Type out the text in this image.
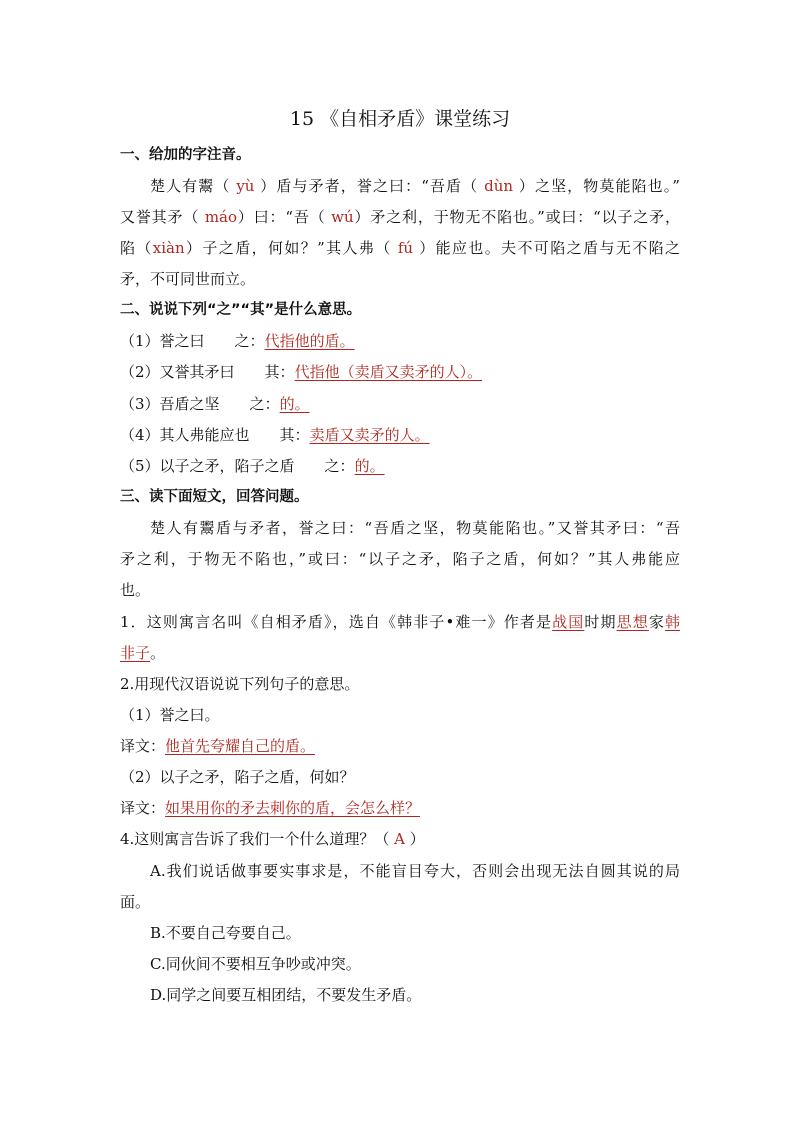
15 《自相矛盾》课堂练习
一、给加的字注音。
楚人有鬻（ yù ）盾与矛者，誉之曰：“吾盾（ dùn ）之坚，物莫能陷也。”
又誉其矛（ máo）曰：“吾（ wú）矛之利，于物无不陷也。”或曰：“以子之矛，
陷（xiàn）子之盾，何如？”其人弗（ fú ）能应也。夫不可陷之盾与无不陷之
矛，不可同世而立。
二、说说下列“之”“其”是什么意思。
（1）誉之曰 之：代指他的盾。
（2）又誉其矛曰 其：代指他（卖盾又卖矛的人）。
（3）吾盾之坚 之：的。
（4）其人弗能应也 其：卖盾又卖矛的人。
（5）以子之矛，陷子之盾 之：的。
三、读下面短文，回答问题。
楚人有鬻盾与矛者，誉之曰：“吾盾之坚，物莫能陷也。”又誉其矛曰：“吾
矛之利，于物无不陷也，”或曰：“以子之矛，陷子之盾，何如？”其人弗能应
也。
1．这则寓言名叫《自相矛盾》，选自《韩非子•难一》作者是战国时期思想家韩
非子。
2.用现代汉语说说下列句子的意思。
（1）誉之曰。
译文：他首先夸耀自己的盾。
（2）以子之矛，陷子之盾，何如？
译文：如果用你的矛去刺你的盾，会怎么样？
4.这则寓言告诉了我们一个什么道理？（ A ）
A.我们说话做事要实事求是，不能盲目夸大，否则会出现无法自圆其说的局
面。
B.不要自己夸要自己。
C.同伙间不要相互争吵或冲突。
D.同学之间要互相团结，不要发生矛盾。
